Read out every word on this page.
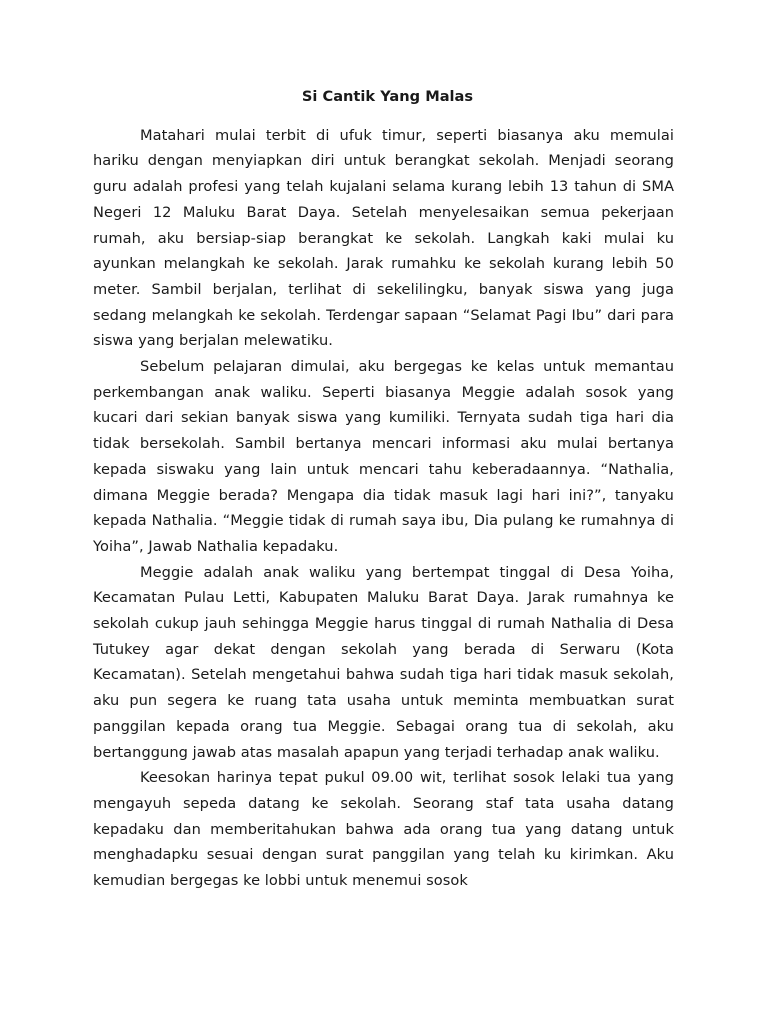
Si Cantik Yang Malas

Matahari mulai terbit di ufuk timur, seperti biasanya aku memulai hariku dengan menyiapkan diri untuk berangkat sekolah. Menjadi seorang guru adalah profesi yang telah kujalani selama kurang lebih 13 tahun di SMA Negeri 12 Maluku Barat Daya. Setelah menyelesaikan semua pekerjaan rumah, aku bersiap-siap berangkat ke sekolah. Langkah kaki mulai ku ayunkan melangkah ke sekolah. Jarak rumahku ke sekolah kurang lebih 50 meter. Sambil berjalan, terlihat di sekelilingku, banyak siswa yang juga sedang melangkah ke sekolah. Terdengar sapaan “Selamat Pagi Ibu” dari para siswa yang berjalan melewatiku.

Sebelum pelajaran dimulai, aku bergegas ke kelas untuk memantau perkembangan anak waliku. Seperti biasanya Meggie adalah sosok yang kucari dari sekian banyak siswa yang kumiliki. Ternyata sudah tiga hari dia tidak bersekolah. Sambil bertanya mencari informasi aku mulai bertanya kepada siswaku yang lain untuk mencari tahu keberadaannya. “Nathalia, dimana Meggie berada? Mengapa dia tidak masuk lagi hari ini?”, tanyaku kepada Nathalia. “Meggie tidak di rumah saya ibu, Dia pulang ke rumahnya di Yoiha”, Jawab Nathalia kepadaku.

Meggie adalah anak waliku yang bertempat tinggal di Desa Yoiha, Kecamatan Pulau Letti, Kabupaten Maluku Barat Daya. Jarak rumahnya ke sekolah cukup jauh sehingga Meggie harus tinggal di rumah Nathalia di Desa Tutukey agar dekat dengan sekolah yang berada di Serwaru (Kota Kecamatan). Setelah mengetahui bahwa sudah tiga hari tidak masuk sekolah, aku pun segera ke ruang tata usaha untuk meminta membuatkan surat panggilan kepada orang tua Meggie. Sebagai orang tua di sekolah, aku bertanggung jawab atas masalah apapun yang terjadi terhadap anak waliku.

Keesokan harinya tepat pukul 09.00 wit, terlihat sosok lelaki tua yang mengayuh sepeda datang ke sekolah. Seorang staf tata usaha datang kepadaku dan memberitahukan bahwa ada orang tua yang datang untuk menghadapku sesuai dengan surat panggilan yang telah ku kirimkan. Aku kemudian bergegas ke lobbi untuk menemui sosok
